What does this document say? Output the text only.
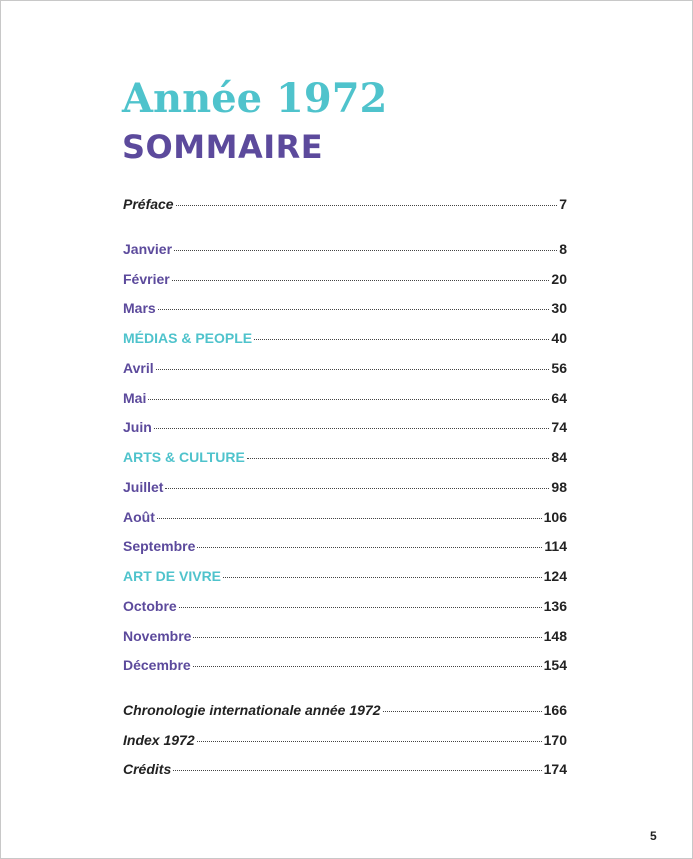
Année 1972
SOMMAIRE
Préface	7
Janvier	8
Février	20
Mars	30
MÉDIAS & PEOPLE	40
Avril	56
Mai	64
Juin	74
ARTS & CULTURE	84
Juillet	98
Août	106
Septembre	114
ART DE VIVRE	124
Octobre	136
Novembre	148
Décembre	154
Chronologie internationale année 1972	166
Index 1972	170
Crédits	174
5
